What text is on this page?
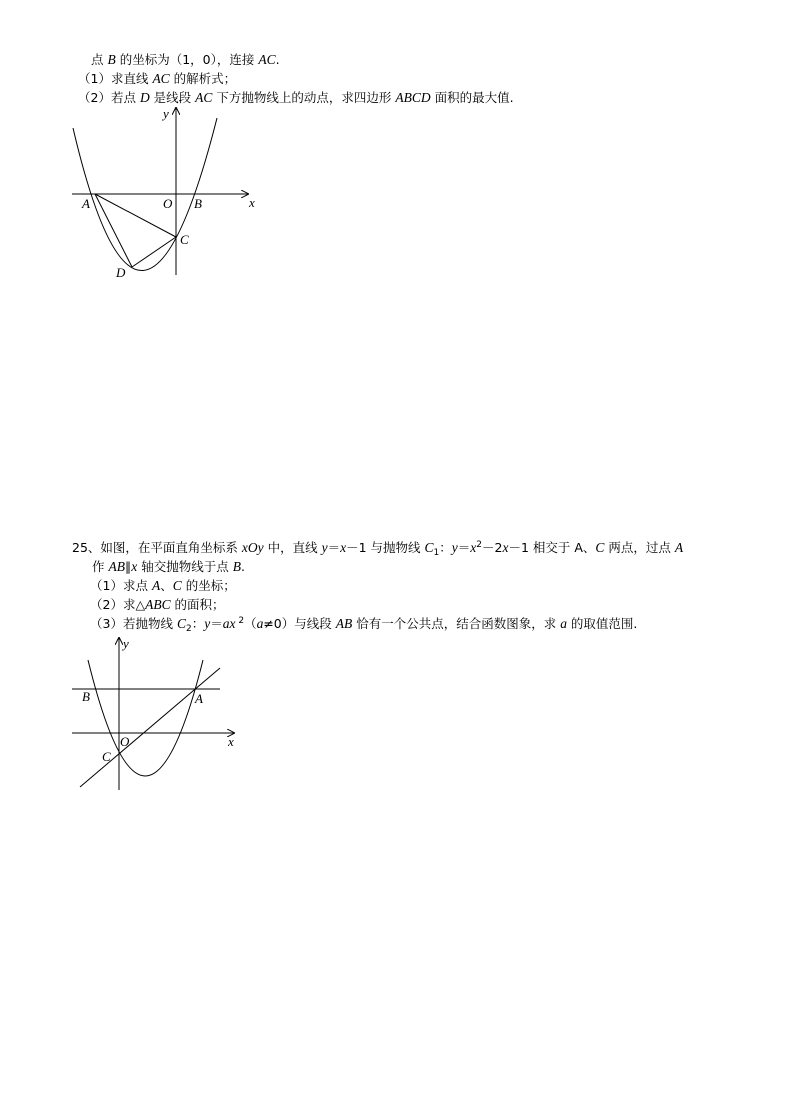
点 B 的坐标为（1，0），连接 AC.
（1）求直线 AC 的解析式；
（2）若点 D 是线段 AC 下方抛物线上的动点，求四边形 ABCD 面积的最大值.
25、如图，在平面直角坐标系 xOy 中，直线 y＝x－1 与抛物线 $C_1$：$y=x^2-2x-1$ 相交于 A、C 两点，过点 A
作 AB∥x 轴交抛物线于点 B.
（1）求点 A、C 的坐标；
（2）求△ABC 的面积；
（3）若抛物线 $C_2$：y＝ax $^2$（a≠0）与线段 AB 恰有一个公共点，结合函数图象，求 a 的取值范围.
y
x
A	O B
C
D
y
x
B	A
O
C
